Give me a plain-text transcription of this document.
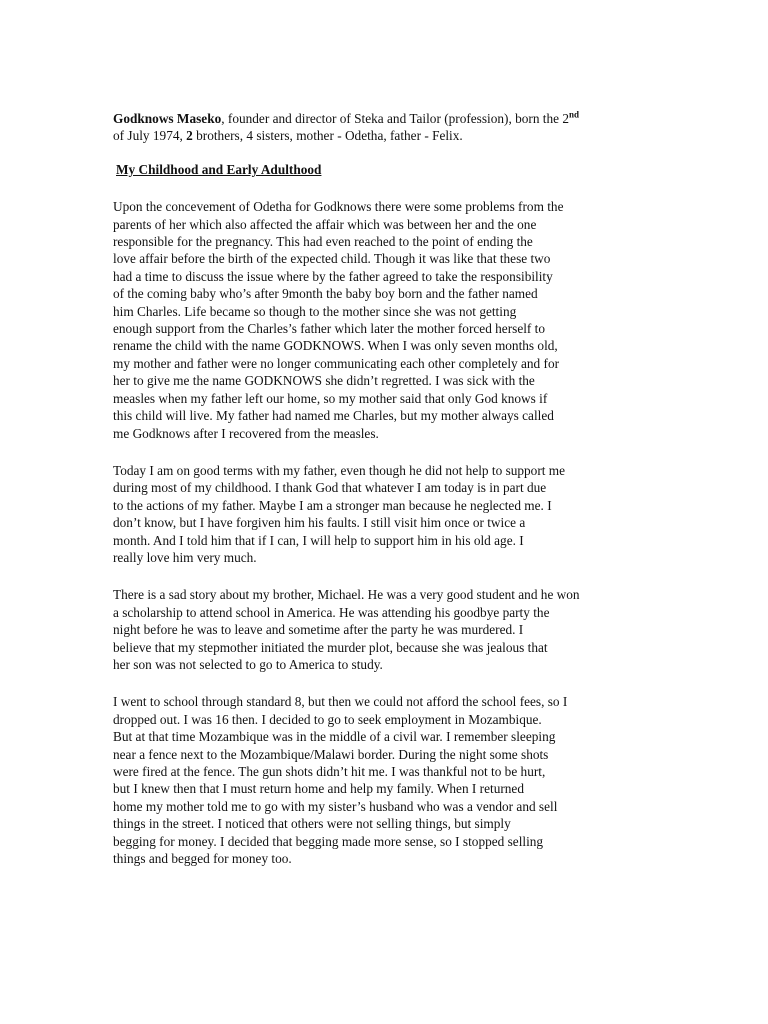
Godknows Maseko, founder and director of Steka and Tailor (profession), born the 2nd
of July 1974, 2 brothers, 4 sisters, mother - Odetha, father - Felix.

My Childhood and Early Adulthood

Upon the concevement of Odetha for Godknows there were some problems from the
parents of her which also affected the affair which was between her and the one
responsible for the pregnancy. This had even reached to the point of ending the
love affair before the birth of the expected child. Though it was like that these two
had a time to discuss the issue where by the father agreed to take the responsibility
of the coming baby who’s after 9month the baby boy born and the father named
him Charles. Life became so though to the mother since she was not getting
enough support from the Charles’s father which later the mother forced herself to
rename the child with the name GODKNOWS. When I was only seven months old,
my mother and father were no longer communicating each other completely and for
her to give me the name GODKNOWS she didn’t regretted. I was sick with the
measles when my father left our home, so my mother said that only God knows if
this child will live. My father had named me Charles, but my mother always called
me Godknows after I recovered from the measles.

Today I am on good terms with my father, even though he did not help to support me
during most of my childhood. I thank God that whatever I am today is in part due
to the actions of my father. Maybe I am a stronger man because he neglected me. I
don’t know, but I have forgiven him his faults. I still visit him once or twice a
month. And I told him that if I can, I will help to support him in his old age. I
really love him very much.

There is a sad story about my brother, Michael. He was a very good student and he won
a scholarship to attend school in America. He was attending his goodbye party the
night before he was to leave and sometime after the party he was murdered. I
believe that my stepmother initiated the murder plot, because she was jealous that
her son was not selected to go to America to study.

I went to school through standard 8, but then we could not afford the school fees, so I
dropped out. I was 16 then. I decided to go to seek employment in Mozambique.
But at that time Mozambique was in the middle of a civil war. I remember sleeping
near a fence next to the Mozambique/Malawi border. During the night some shots
were fired at the fence. The gun shots didn’t hit me. I was thankful not to be hurt,
but I knew then that I must return home and help my family. When I returned
home my mother told me to go with my sister’s husband who was a vendor and sell
things in the street. I noticed that others were not selling things, but simply
begging for money. I decided that begging made more sense, so I stopped selling
things and begged for money too.
